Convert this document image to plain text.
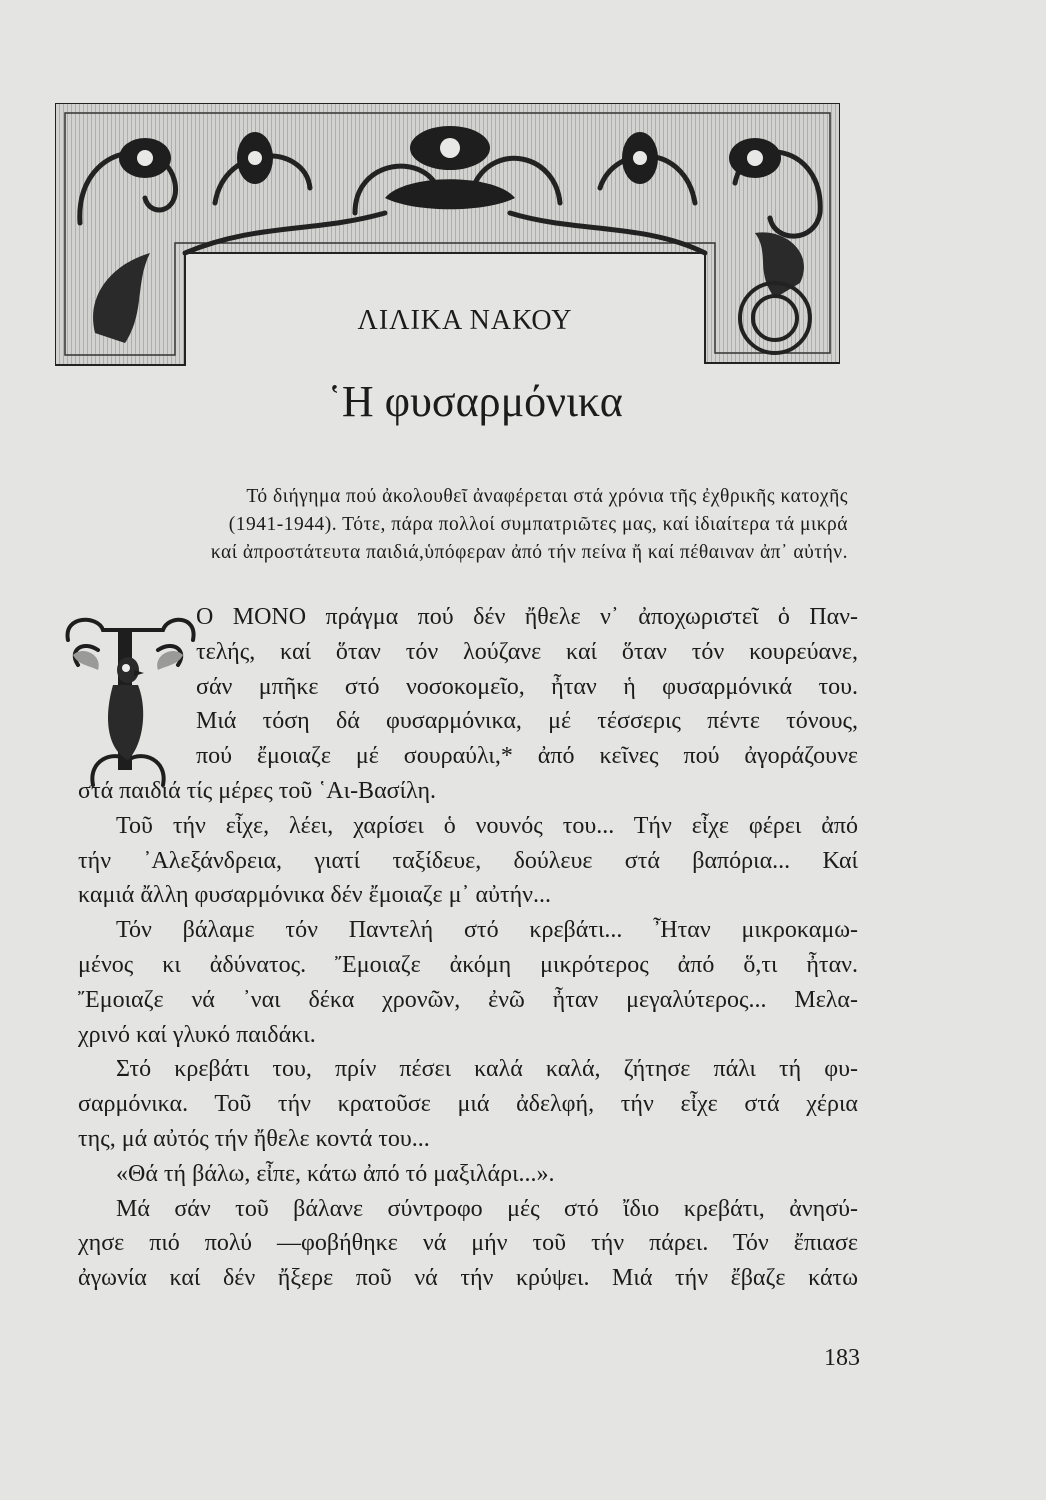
ΛΙΛΙΚΑ ΝΑΚΟΥ
῾Η φυσαρμόνικα
Τό διήγημα πού ἀκολουθεῖ ἀναφέρεται στά χρόνια τῆς ἐχθρικῆς κατοχῆς
(1941-1944). Τότε, πάρα πολλοί συμπατριῶτες μας, καί ἰδιαίτερα τά μικρά
καί ἀπροστάτευτα παιδιά,ὑπόφεραν ἀπό τήν πείνα ἤ καί πέθαιναν ἀπ᾽ αὐτήν.
Ο ΜΟΝΟ πράγμα πού δέν ἤθελε ν᾽ ἀποχωριστεῖ ὁ Παν-
τελής, καί ὅταν τόν λούζανε καί ὅταν τόν κουρεύανε,
σάν μπῆκε στό νοσοκομεῖο, ἦταν ἡ φυσαρμόνικά του.
Μιά τόση δά φυσαρμόνικα, μέ τέσσερις πέντε τόνους,
πού ἔμοιαζε μέ σουραύλι,* ἀπό κεῖνες πού ἀγοράζουνε
στά παιδιά τίς μέρες τοῦ ῾Αι-Βασίλη.
Τοῦ τήν εἶχε, λέει, χαρίσει ὁ νουνός του... Τήν εἶχε φέρει ἀπό
τήν ᾽Αλεξάνδρεια, γιατί ταξίδευε, δούλευε στά βαπόρια... Καί
καμιά ἄλλη φυσαρμόνικα δέν ἔμοιαζε μ᾽ αὐτήν...
Τόν βάλαμε τόν Παντελή στό κρεβάτι... Ἦταν μικροκαμω-
μένος κι ἀδύνατος. Ἔμοιαζε ἀκόμη μικρότερος ἀπό ὅ,τι ἦταν.
Ἔμοιαζε νά ᾽ναι δέκα χρονῶν, ἐνῶ ἦταν μεγαλύτερος... Μελα-
χρινό καί γλυκό παιδάκι.
Στό κρεβάτι του, πρίν πέσει καλά καλά, ζήτησε πάλι τή φυ-
σαρμόνικα. Τοῦ τήν κρατοῦσε μιά ἀδελφή, τήν εἶχε στά χέρια
της, μά αὐτός τήν ἤθελε κοντά του...
«Θά τή βάλω, εἶπε, κάτω ἀπό τό μαξιλάρι...».
Μά σάν τοῦ βάλανε σύντροφο μές στό ἴδιο κρεβάτι, ἀνησύ-
χησε πιό πολύ —φοβήθηκε νά μήν τοῦ τήν πάρει. Τόν ἔπιασε
ἀγωνία καί δέν ἤξερε ποῦ νά τήν κρύψει. Μιά τήν ἔβαζε κάτω
183
